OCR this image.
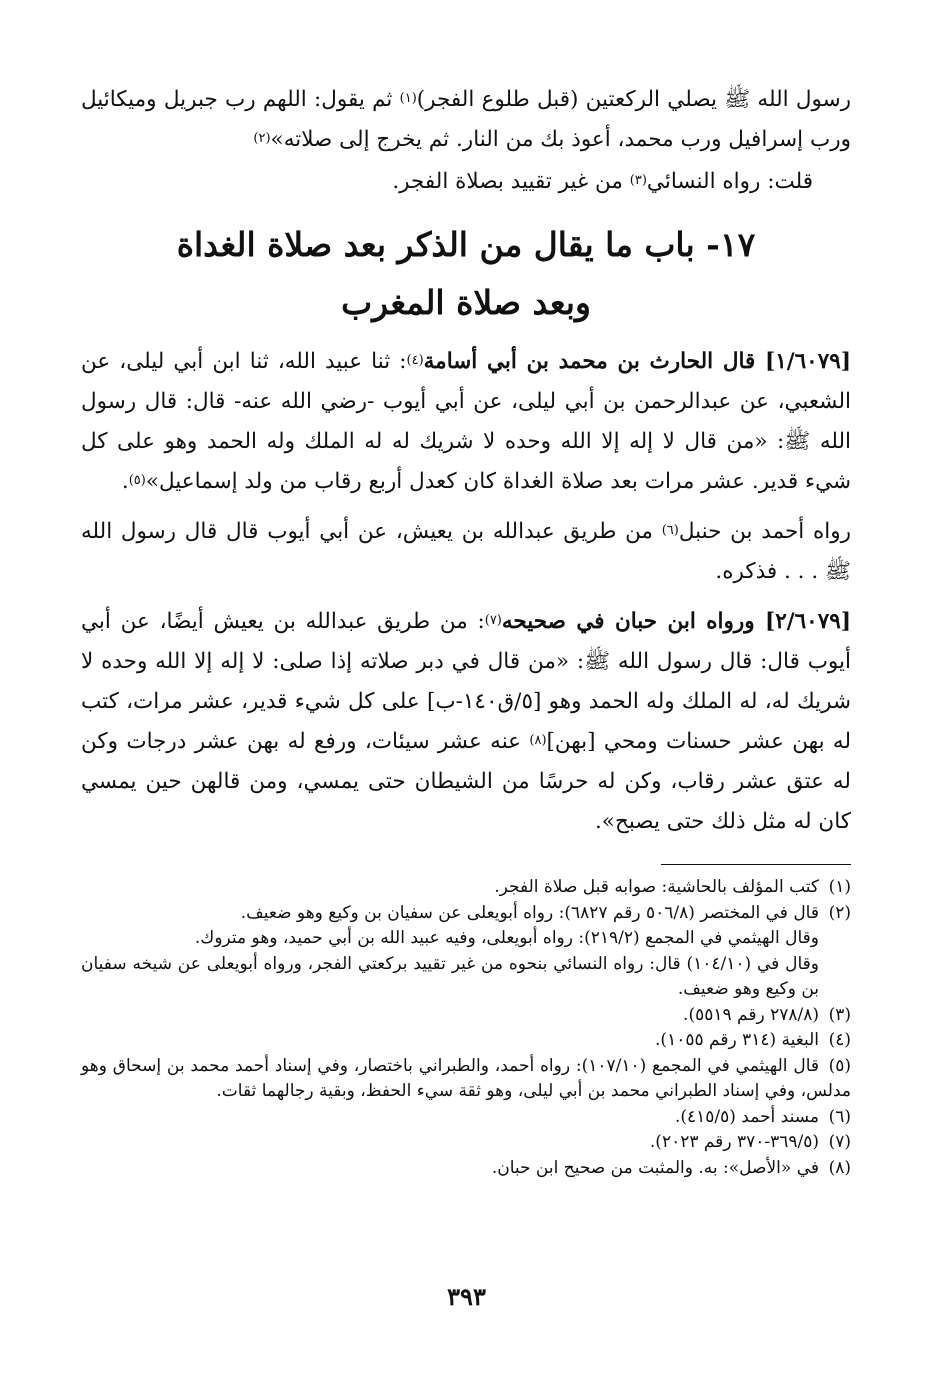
رسول الله ﷺ يصلي الركعتين (قبل طلوع الفجر)$^{(١)}$ ثم يقول: اللهم رب جبريل وميكائيل ورب إسرافيل ورب محمد، أعوذ بك من النار. ثم يخرج إلى صلاته»$^{(٢)}$

قلت: رواه النسائي$^{(٣)}$ من غير تقييد بصلاة الفجر.

١٧- باب ما يقال من الذكر بعد صلاة الغداة
وبعد صلاة المغرب

[١/٦٠٧٩] قال الحارث بن محمد بن أبي أسامة$^{(٤)}$: ثنا عبيد الله، ثنا ابن أبي ليلى، عن الشعبي، عن عبدالرحمن بن أبي ليلى، عن أبي أيوب -رضي الله عنه- قال: قال رسول الله ﷺ: «من قال لا إله إلا الله وحده لا شريك له له الملك وله الحمد وهو على كل شيء قدير. عشر مرات بعد صلاة الغداة كان كعدل أربع رقاب من ولد إسماعيل»$^{(٥)}$.

رواه أحمد بن حنبل$^{(٦)}$ من طريق عبدالله بن يعيش، عن أبي أيوب قال قال رسول الله ﷺ . . . فذكره.

[٢/٦٠٧٩] ورواه ابن حبان في صحيحه$^{(٧)}$: من طريق عبدالله بن يعيش أيضًا، عن أبي أيوب قال: قال رسول الله ﷺ: «من قال في دبر صلاته إذا صلى: لا إله إلا الله وحده لا شريك له، له الملك وله الحمد وهو [٥/ق١٤٠-ب] على كل شيء قدير، عشر مرات، كتب له بهن عشر حسنات ومحي [بهن]$^{(٨)}$ عنه عشر سيئات، ورفع له بهن عشر درجات وكن له عتق عشر رقاب، وكن له حرسًا من الشيطان حتى يمسي، ومن قالهن حين يمسي كان له مثل ذلك حتى يصبح».

(١)كتب المؤلف بالحاشية: صوابه قبل صلاة الفجر.

(٢)قال في المختصر (٥٠٦/٨ رقم ٦٨٢٧): رواه أبويعلى عن سفيان بن وكيع وهو ضعيف.

وقال الهيثمي في المجمع (٢١٩/٢): رواه أبويعلى، وفيه عبيد الله بن أبي حميد، وهو متروك.

وقال في (١٠٤/١٠) قال: رواه النسائي بنحوه من غير تقييد بركعتي الفجر، ورواه أبويعلى عن شيخه سفيان بن وكيع وهو ضعيف.

(٣)(٢٧٨/٨ رقم ٥٥١٩).

(٤)البغية (٣١٤ رقم ١٠٥٥).

(٥)قال الهيثمي في المجمع (١٠٧/١٠): رواه أحمد، والطبراني باختصار، وفي إسناد أحمد محمد بن إسحاق وهو مدلس، وفي إسناد الطبراني محمد بن أبي ليلى، وهو ثقة سيء الحفظ، وبقية رجالهما ثقات.

(٦)مسند أحمد (٤١٥/٥).

(٧)(٣٦٩/٥-٣٧٠ رقم ٢٠٢٣).

(٨)في «الأصل»: به. والمثبت من صحيح ابن حبان.

٣٩٣
